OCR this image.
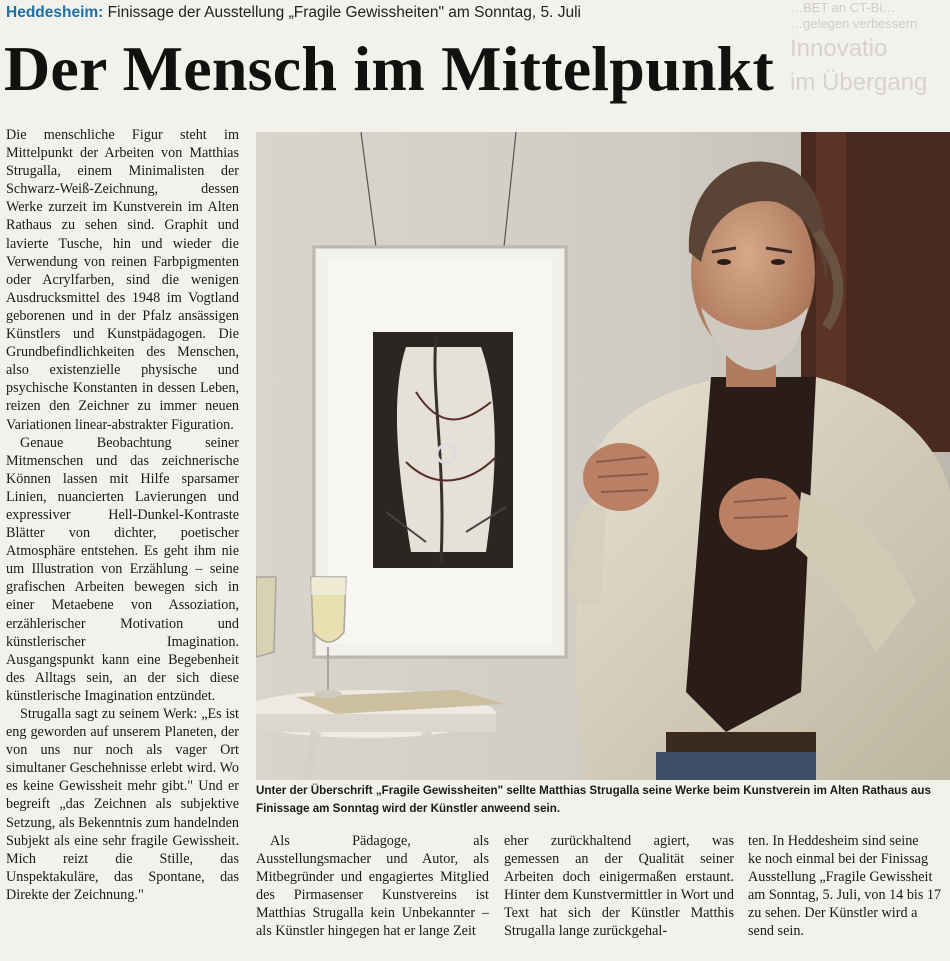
…BET an CT-Bi…
…gelegen verbessern
Innovatio
im Übergang
Heddesheim: Finissage der Ausstellung „Fragile Gewissheiten" am Sonntag, 5. Juli
Der Mensch im Mittelpunkt

Die menschliche Figur steht im Mittelpunkt der Arbeiten von Matthias Strugalla, einem Minimalisten der Schwarz-Weiß-Zeichnung, dessen Werke zurzeit im Kunstverein im Alten Rathaus zu sehen sind. Graphit und lavierte Tusche, hin und wieder die Verwendung von reinen Farbpigmenten oder Acrylfarben, sind die wenigen Ausdrucksmittel des 1948 im Vogtland geborenen und in der Pfalz ansässigen Künstlers und Kunstpädagogen. Die Grundbefindlichkeiten des Menschen, also existenzielle physische und psychische Konstanten in dessen Leben, reizen den Zeichner zu immer neuen Variationen linear-abstrakter Figuration.

Genaue Beobachtung seiner Mitmenschen und das zeichnerische Können lassen mit Hilfe sparsamer Linien, nuancierten Lavierungen und expressiver Hell-Dunkel-Kontraste Blätter von dichter, poetischer Atmosphäre entstehen. Es geht ihm nie um Illustration von Erzählung – seine grafischen Arbeiten bewegen sich in einer Metaebene von Assoziation, erzählerischer Motivation und künstlerischer Imagination. Ausgangspunkt kann eine Begebenheit des Alltags sein, an der sich diese künstlerische Imagination entzündet.

Strugalla sagt zu seinem Werk: „Es ist eng geworden auf unserem Planeten, der von uns nur noch als vager Ort simultaner Geschehnisse erlebt wird. Wo es keine Gewissheit mehr gibt." Und er begreift „das Zeichnen als subjektive Setzung, als Bekenntnis zum handelnden Subjekt als eine sehr fragile Gewissheit. Mich reizt die Stille, das Unspektakuläre, das Spontane, das Direkte der Zeichnung."

Unter der Überschrift „Fragile Gewissheiten" sellte Matthias Strugalla seine Werke beim Kunstverein im Alten Rathaus aus
Finissage am Sonntag wird der Künstler anweend sein.

Als Pädagoge, als Ausstellungsmacher und Autor, als Mitbegründer und engagiertes Mitglied des Pirmasenser Kunstvereins ist Matthias Strugalla kein Unbekannter – als Künstler hingegen hat er lange Zeit

eher zurückhaltend agiert, was gemessen an der Qualität seiner Arbeiten doch einigermaßen erstaunt. Hinter dem Kunstvermittler in Wort und Text hat sich der Künstler Matthis Strugalla lange zurückgehal-

ten. In Heddesheim sind seine

ke noch einmal bei der Finissag

Ausstellung „Fragile Gewissheit

am Sonntag, 5. Juli, von 14 bis 17

zu sehen. Der Künstler wird a

send sein.
